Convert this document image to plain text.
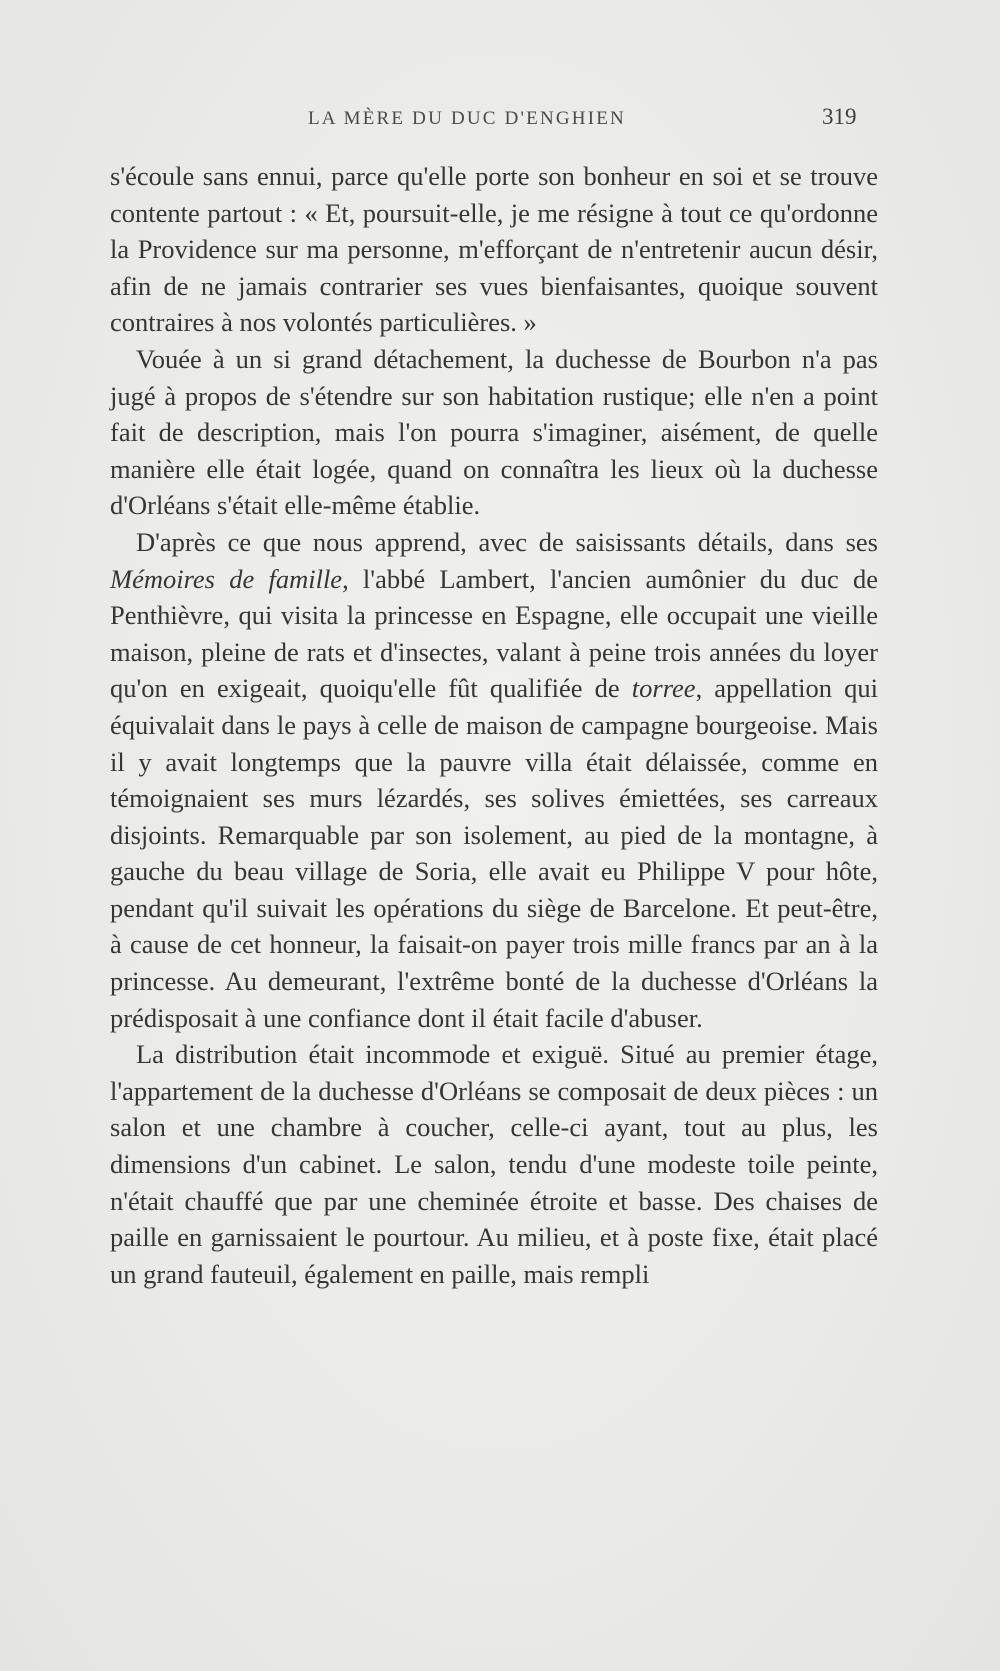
LA MÈRE DU DUC D'ENGHIEN	319

s'écoule sans ennui, parce qu'elle porte son bonheur en soi et se trouve contente partout : « Et, poursuit-elle, je me résigne à tout ce qu'ordonne la Providence sur ma personne, m'efforçant de n'entretenir aucun désir, afin de ne jamais contrarier ses vues bienfaisantes, quoique souvent contraires à nos volontés particulières. »

Vouée à un si grand détachement, la duchesse de Bourbon n'a pas jugé à propos de s'étendre sur son habitation rustique; elle n'en a point fait de description, mais l'on pourra s'imaginer, aisément, de quelle manière elle était logée, quand on connaîtra les lieux où la duchesse d'Orléans s'était elle-même établie.

D'après ce que nous apprend, avec de saisissants détails, dans ses Mémoires de famille, l'abbé Lambert, l'ancien aumônier du duc de Penthièvre, qui visita la princesse en Espagne, elle occupait une vieille maison, pleine de rats et d'insectes, valant à peine trois années du loyer qu'on en exigeait, quoiqu'elle fût qualifiée de torree, appellation qui équivalait dans le pays à celle de maison de campagne bourgeoise. Mais il y avait longtemps que la pauvre villa était délaissée, comme en témoignaient ses murs lézardés, ses solives émiettées, ses carreaux disjoints. Remarquable par son isolement, au pied de la montagne, à gauche du beau village de Soria, elle avait eu Philippe V pour hôte, pendant qu'il suivait les opérations du siège de Barcelone. Et peut-être, à cause de cet honneur, la faisait-on payer trois mille francs par an à la princesse. Au demeurant, l'extrême bonté de la duchesse d'Orléans la prédisposait à une confiance dont il était facile d'abuser.

La distribution était incommode et exiguë. Situé au premier étage, l'appartement de la duchesse d'Orléans se composait de deux pièces : un salon et une chambre à coucher, celle-ci ayant, tout au plus, les dimensions d'un cabinet. Le salon, tendu d'une modeste toile peinte, n'était chauffé que par une cheminée étroite et basse. Des chaises de paille en garnissaient le pourtour. Au milieu, et à poste fixe, était placé un grand fauteuil, également en paille, mais rempli
